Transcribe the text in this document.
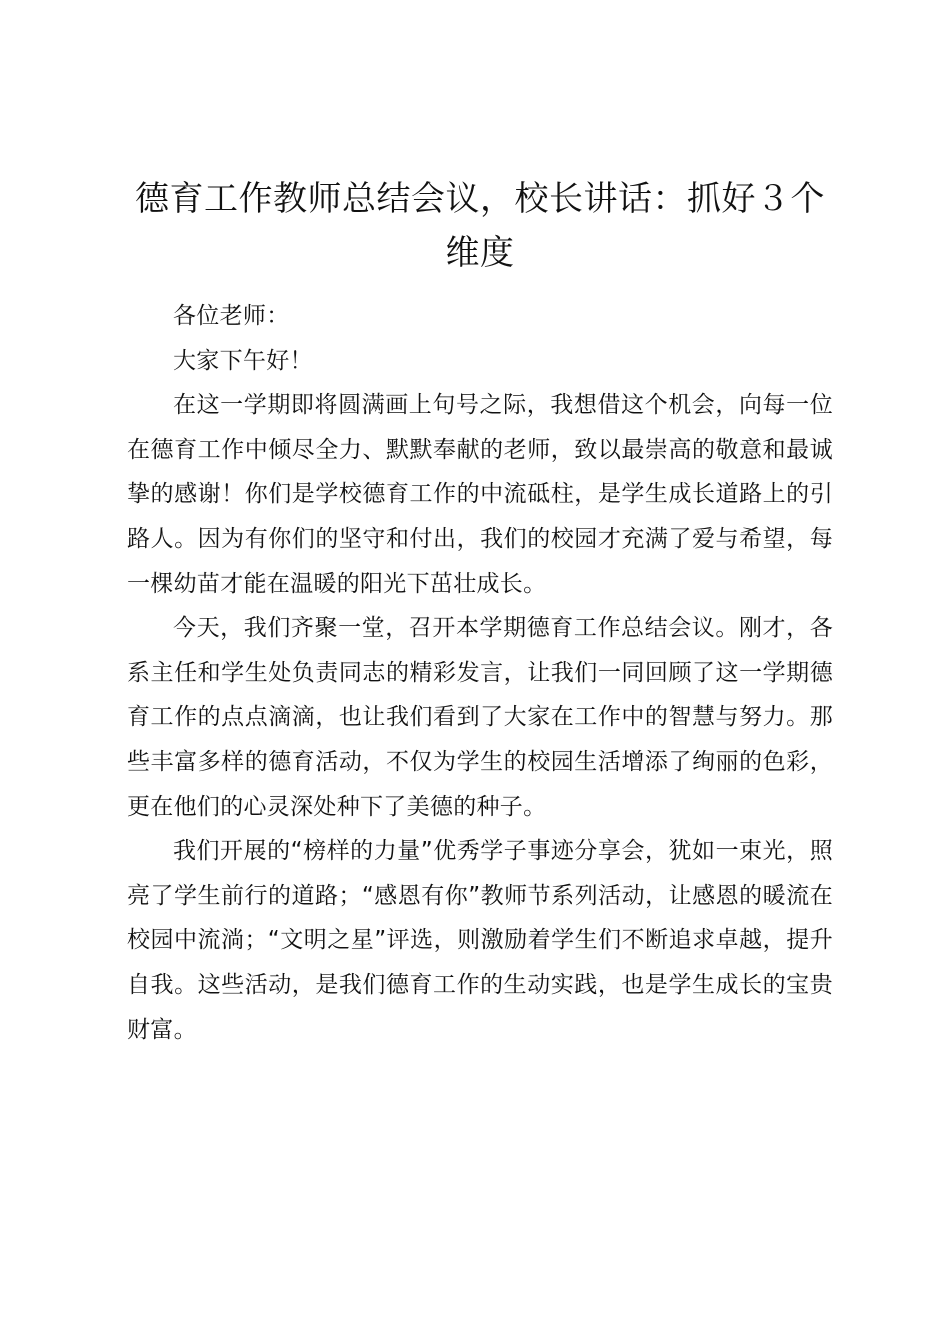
德育工作教师总结会议，校长讲话：抓好３个维度

各位老师：

大家下午好！

在这一学期即将圆满画上句号之际，我想借这个机会，向每一位在德育工作中倾尽全力、默默奉献的老师，致以最崇高的敬意和最诚挚的感谢！你们是学校德育工作的中流砥柱，是学生成长道路上的引路人。因为有你们的坚守和付出，我们的校园才充满了爱与希望，每一棵幼苗才能在温暖的阳光下茁壮成长。

今天，我们齐聚一堂，召开本学期德育工作总结会议。刚才，各系主任和学生处负责同志的精彩发言，让我们一同回顾了这一学期德育工作的点点滴滴，也让我们看到了大家在工作中的智慧与努力。那些丰富多样的德育活动，不仅为学生的校园生活增添了绚丽的色彩，更在他们的心灵深处种下了美德的种子。

我们开展的“榜样的力量”优秀学子事迹分享会，犹如一束光，照亮了学生前行的道路；“感恩有你”教师节系列活动，让感恩的暖流在校园中流淌；“文明之星”评选，则激励着学生们不断追求卓越，提升自我。这些活动，是我们德育工作的生动实践，也是学生成长的宝贵财富。
